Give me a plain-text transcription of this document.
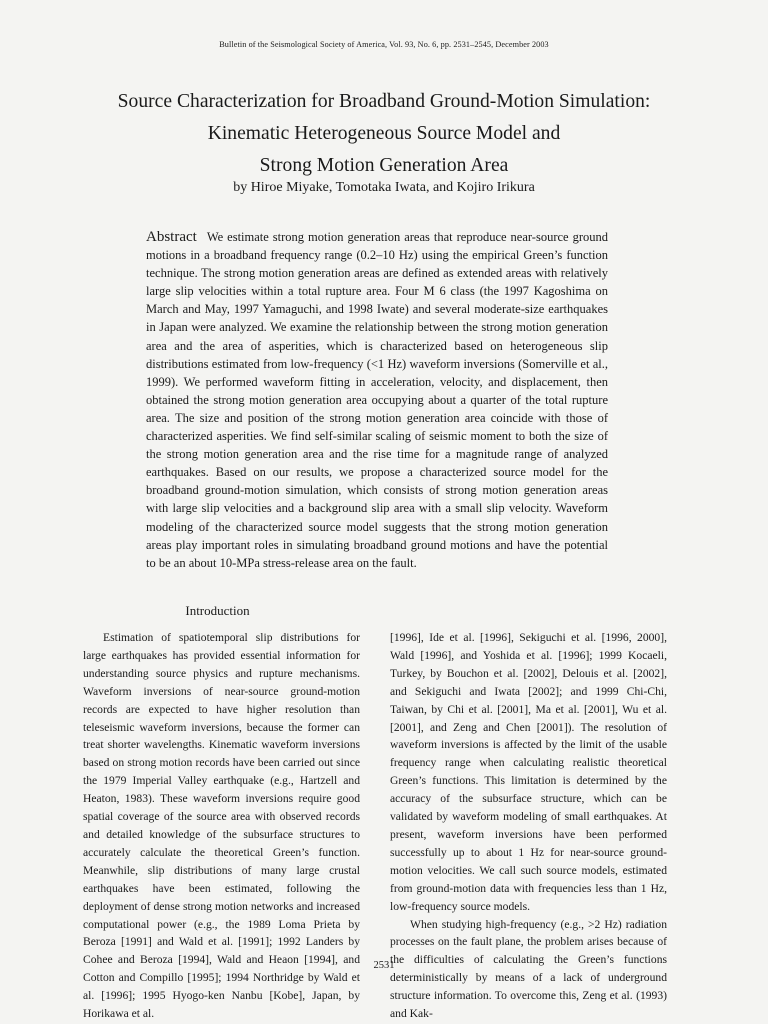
Bulletin of the Seismological Society of America, Vol. 93, No. 6, pp. 2531–2545, December 2003
Source Characterization for Broadband Ground-Motion Simulation:
Kinematic Heterogeneous Source Model and
Strong Motion Generation Area
by Hiroe Miyake, Tomotaka Iwata, and Kojiro Irikura

Abstract We estimate strong motion generation areas that reproduce near-source ground motions in a broadband frequency range (0.2–10 Hz) using the empirical Green’s function technique. The strong motion generation areas are defined as extended areas with relatively large slip velocities within a total rupture area. Four M 6 class (the 1997 Kagoshima on March and May, 1997 Yamaguchi, and 1998 Iwate) and several moderate-size earthquakes in Japan were analyzed. We examine the relationship between the strong motion generation area and the area of asperities, which is characterized based on heterogeneous slip distributions estimated from low-frequency (<1 Hz) waveform inversions (Somerville et al., 1999). We performed waveform fitting in acceleration, velocity, and displacement, then obtained the strong motion generation area occupying about a quarter of the total rupture area. The size and position of the strong motion generation area coincide with those of characterized asperities. We find self-similar scaling of seismic moment to both the size of the strong motion generation area and the rise time for a magnitude range of analyzed earthquakes. Based on our results, we propose a characterized source model for the broadband ground-motion simulation, which consists of strong motion generation areas with large slip velocities and a background slip area with a small slip velocity. Waveform modeling of the characterized source model suggests that the strong motion generation areas play important roles in simulating broadband ground motions and have the potential to be an about 10-MPa stress-release area on the fault.

Introduction

Estimation of spatiotemporal slip distributions for large earthquakes has provided essential information for understanding source physics and rupture mechanisms. Waveform inversions of near-source ground-motion records are expected to have higher resolution than teleseismic waveform inversions, because the former can treat shorter wavelengths. Kinematic waveform inversions based on strong motion records have been carried out since the 1979 Imperial Valley earthquake (e.g., Hartzell and Heaton, 1983). These waveform inversions require good spatial coverage of the source area with observed records and detailed knowledge of the subsurface structures to accurately calculate the theoretical Green’s function. Meanwhile, slip distributions of many large crustal earthquakes have been estimated, following the deployment of dense strong motion networks and increased computational power (e.g., the 1989 Loma Prieta by Beroza [1991] and Wald et al. [1991]; 1992 Landers by Cohee and Beroza [1994], Wald and Heaon [1994], and Cotton and Compillo [1995]; 1994 Northridge by Wald et al. [1996]; 1995 Hyogo-ken Nanbu [Kobe], Japan, by Horikawa et al.

[1996], Ide et al. [1996], Sekiguchi et al. [1996, 2000], Wald [1996], and Yoshida et al. [1996]; 1999 Kocaeli, Turkey, by Bouchon et al. [2002], Delouis et al. [2002], and Sekiguchi and Iwata [2002]; and 1999 Chi-Chi, Taiwan, by Chi et al. [2001], Ma et al. [2001], Wu et al. [2001], and Zeng and Chen [2001]). The resolution of waveform inversions is affected by the limit of the usable frequency range when calculating realistic theoretical Green’s functions. This limitation is determined by the accuracy of the subsurface structure, which can be validated by waveform modeling of small earthquakes. At present, waveform inversions have been performed successfully up to about 1 Hz for near-source ground-motion velocities. We call such source models, estimated from ground-motion data with frequencies less than 1 Hz, low-frequency source models.

When studying high-frequency (e.g., >2 Hz) radiation processes on the fault plane, the problem arises because of the difficulties of calculating the Green’s functions deterministically by means of a lack of underground structure information. To overcome this, Zeng et al. (1993) and Kak-

2531
